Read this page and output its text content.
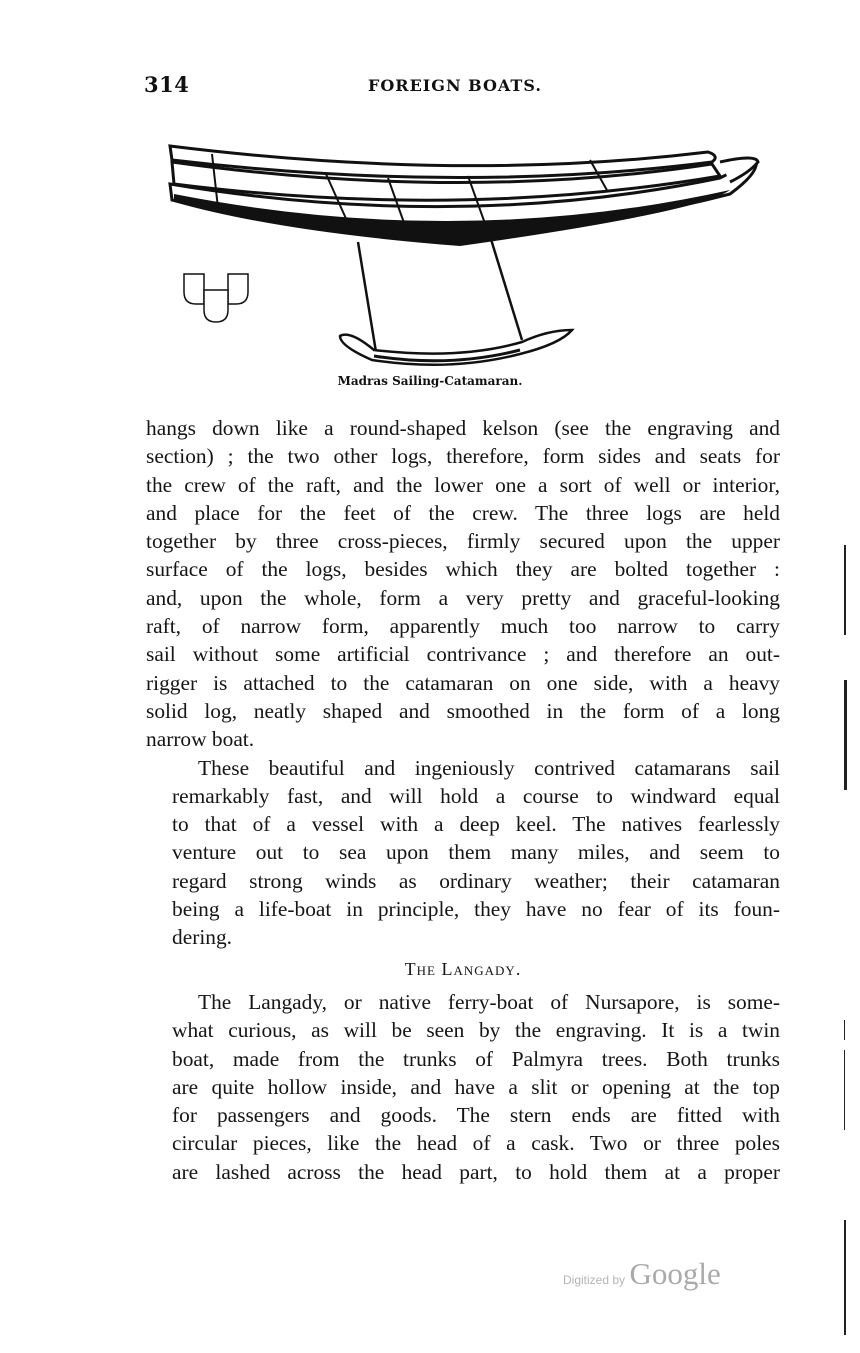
314	FOREIGN BOATS.
Madras Sailing-Catamaran.

hangs down like a round-shaped kelson (see the engraving and
section) ; the two other logs, therefore, form sides and seats for
the crew of the raft, and the lower one a sort of well or interior,
and place for the feet of the crew. The three logs are held
together by three cross-pieces, firmly secured upon the upper
surface of the logs, besides which they are bolted together :
and, upon the whole, form a very pretty and graceful-looking
raft, of narrow form, apparently much too narrow to carry
sail without some artificial contrivance ; and therefore an out-
rigger is attached to the catamaran on one side, with a heavy
solid log, neatly shaped and smoothed in the form of a long
narrow boat.

These beautiful and ingeniously contrived catamarans sail
remarkably fast, and will hold a course to windward equal
to that of a vessel with a deep keel. The natives fearlessly
venture out to sea upon them many miles, and seem to
regard strong winds as ordinary weather; their catamaran
being a life-boat in principle, they have no fear of its foun-
dering.

The Langady.

The Langady, or native ferry-boat of Nursapore, is some-
what curious, as will be seen by the engraving. It is a twin
boat, made from the trunks of Palmyra trees. Both trunks
are quite hollow inside, and have a slit or opening at the top
for passengers and goods. The stern ends are fitted with
circular pieces, like the head of a cask. Two or three poles
are lashed across the head part, to hold them at a proper

Digitized by Google
